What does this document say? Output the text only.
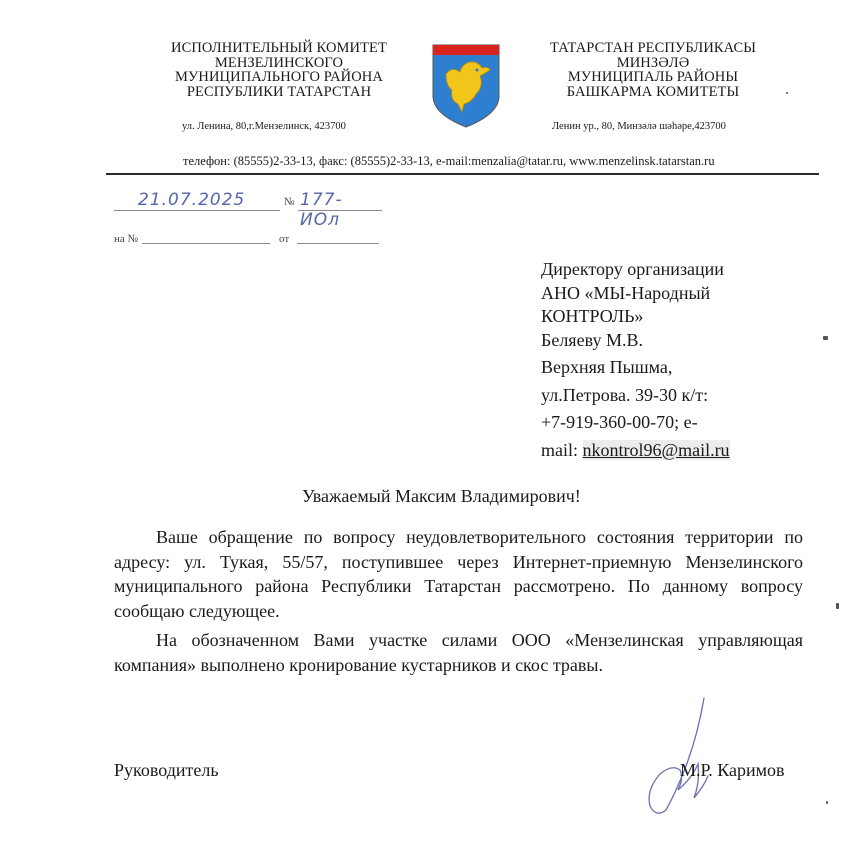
ИСПОЛНИТЕЛЬНЫЙ КОМИТЕТ
МЕНЗЕЛИНСКОГО
МУНИЦИПАЛЬНОГО РАЙОНА
РЕСПУБЛИКИ ТАТАРСТАН
ул. Ленина, 80,г.Мензелинск, 423700
ТАТАРСТАН РЕСПУБЛИКАСЫ
МИНЗӘЛӘ
МУНИЦИПАЛЬ РАЙОНЫ
БАШКАРМА КОМИТЕТЫ
Ленин ур., 80, Минзәлә шәһәре,423700
телефон: (85555)2-33-13, факс: (85555)2-33-13, e-mail:menzalia@tatar.ru, www.menzelinsk.tatarstan.ru
21.07.2025	№ 177-ИОл
на №	от
Директору организации
АНО «МЫ-Народный
КОНТРОЛЬ»
Беляеву М.В.
Верхняя Пышма,
ул.Петрова. 39-30 к/т:
+7-919-360-00-70; e-
mail: nkontrol96@mail.ru
Уважаемый Максим Владимирович!
Ваше обращение по вопросу неудовлетворительного состояния территории по адресу: ул. Тукая, 55/57, поступившее через Интернет-приемную Мензелинского муниципального района Республики Татарстан рассмотрено. По данному вопросу сообщаю следующее.
На обозначенном Вами участке силами ООО «Мензелинская управляющая компания» выполнено кронирование кустарников и скос травы.
Руководитель	М.Р. Каримов
